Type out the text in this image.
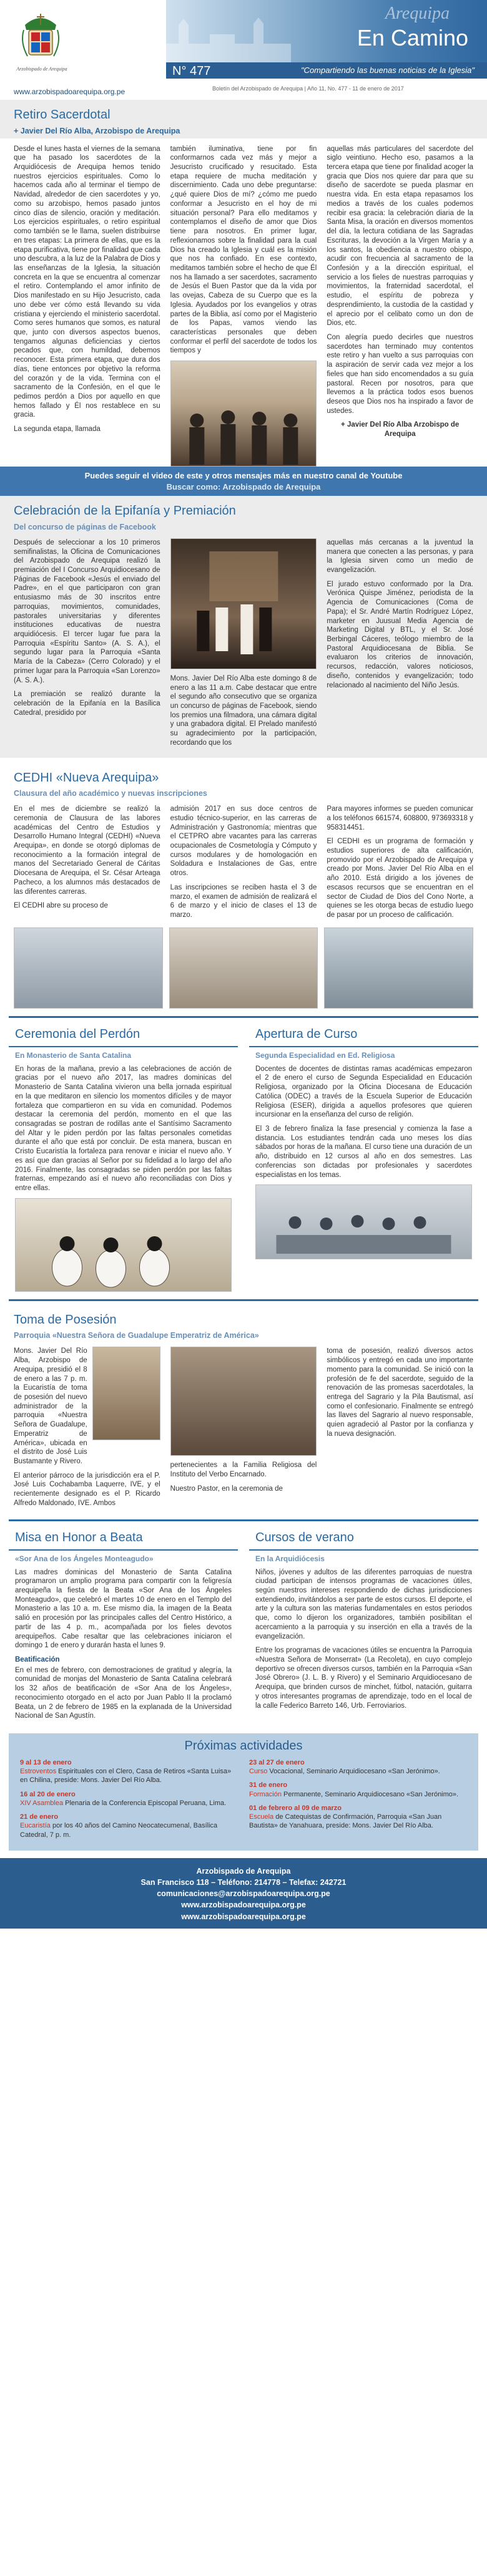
Arzobispado de Arequipa
www.arzobispadoarequipa.org.pe
Arequipa
En Camino
N° 477	"Compartiendo las buenas noticias de la Iglesia"
Boletín del Arzobispado de Arequipa | Año 11, No. 477 - 11 de enero de 2017
Retiro Sacerdotal
+ Javier Del Río Alba, Arzobispo de Arequipa

Desde el lunes hasta el viernes de la semana que ha pasado los sacerdotes de la Arquidiócesis de Arequipa hemos tenido nuestros ejercicios espirituales. Como lo hacemos cada año al terminar el tiempo de Navidad, alrededor de cien sacerdotes y yo, como su arzobispo, hemos pasado juntos cinco días de silencio, oración y meditación. Los ejercicios espirituales, o retiro espiritual como también se le llama, suelen distribuirse en tres etapas: La primera de ellas, que es la etapa purificativa, tiene por finalidad que cada uno descubra, a la luz de la Palabra de Dios y las enseñanzas de la Iglesia, la situación concreta en la que se encuentra al comenzar el retiro. Contemplando el amor infinito de Dios manifestado en su Hijo Jesucristo, cada uno debe ver cómo está llevando su vida cristiana y ejerciendo el ministerio sacerdotal. Como seres humanos que somos, es natural que, junto con diversos aspectos buenos, tengamos algunas deficiencias y ciertos pecados que, con humildad, debemos reconocer. Esta primera etapa, que dura dos días, tiene entonces por objetivo la reforma del corazón y de la vida. Termina con el sacramento de la Confesión, en el que le pedimos perdón a Dios por aquello en que hemos fallado y Él nos restablece en su gracia.

La segunda etapa, llamada

también iluminativa, tiene por fin conformarnos cada vez más y mejor a Jesucristo crucificado y resucitado. Esta etapa requiere de mucha meditación y discernimiento. Cada uno debe preguntarse: ¿qué quiere Dios de mí? ¿cómo me puedo conformar a Jesucristo en el hoy de mi situación personal? Para ello meditamos y contemplamos el diseño de amor que Dios tiene para nosotros. En primer lugar, reflexionamos sobre la finalidad para la cual Dios ha creado la Iglesia y cuál es la misión que nos ha confiado. En ese contexto, meditamos también sobre el hecho de que Él nos ha llamado a ser sacerdotes, sacramento de Jesús el Buen Pastor que da la vida por las ovejas, Cabeza de su Cuerpo que es la Iglesia. Ayudados por los evangelios y otras partes de la Biblia, así como por el Magisterio de los Papas, vamos viendo las características personales que deben conformar el perfil del sacerdote de todos los tiempos y

aquellas más particulares del sacerdote del siglo veintiuno. Hecho eso, pasamos a la tercera etapa que tiene por finalidad acoger la gracia que Dios nos quiere dar para que su diseño de sacerdote se pueda plasmar en nuestra vida. En esta etapa repasamos los medios a través de los cuales podemos recibir esa gracia: la celebración diaria de la Santa Misa, la oración en diversos momentos del día, la lectura cotidiana de las Sagradas Escrituras, la devoción a la Virgen María y a los santos, la obediencia a nuestro obispo, acudir con frecuencia al sacramento de la Confesión y a la dirección espiritual, el servicio a los fieles de nuestras parroquias y movimientos, la fraternidad sacerdotal, el estudio, el espíritu de pobreza y desprendimiento, la custodia de la castidad y el aprecio por el celibato como un don de Dios, etc.

Con alegría puedo decirles que nuestros sacerdotes han terminado muy contentos este retiro y han vuelto a sus parroquias con la aspiración de servir cada vez mejor a los fieles que han sido encomendados a su guía pastoral. Recen por nosotros, para que llevemos a la práctica todos esos buenos deseos que Dios nos ha inspirado a favor de ustedes.

+ Javier Del Río Alba Arzobispo de Arequipa

Puedes seguir el video de este y otros mensajes más en nuestro canal de Youtube
Buscar como: Arzobispado de Arequipa
Celebración de la Epifanía y Premiación
Del concurso de páginas de Facebook

Después de seleccionar a los 10 primeros semifinalistas, la Oficina de Comunicaciones del Arzobispado de Arequipa realizó la premiación del I Concurso Arquidiocesano de Páginas de Facebook «Jesús el enviado del Padre», en el que participaron con gran entusiasmo más de 30 inscritos entre parroquias, movimientos, comunidades, pastorales universitarias y diferentes instituciones educativas de nuestra arquidiócesis. El tercer lugar fue para la Parroquia «Espíritu Santo» (A. S. A.), el segundo lugar para la Parroquia «Santa María de la Cabeza» (Cerro Colorado) y el primer lugar para la Parroquia «San Lorenzo» (A. S. A.).

La premiación se realizó durante la celebración de la Epifanía en la Basílica Catedral, presidido por

Mons. Javier Del Río Alba este domingo 8 de enero a las 11 a.m. Cabe destacar que entre el segundo año consecutivo que se organiza un concurso de páginas de Facebook, siendo los premios una filmadora, una cámara digital y una grabadora digital. El Prelado manifestó su agradecimiento por la participación, recordando que los

aquellas más cercanas a la juventud la manera que conecten a las personas, y para la Iglesia sirven como un medio de evangelización.

El jurado estuvo conformado por la Dra. Verónica Quispe Jiménez, periodista de la Agencia de Comunicaciones (Coma de Papa); el Sr. André Martín Rodríguez López, marketer en Juusual Media Agencia de Marketing Digital y BTL, y el Sr. José Berbingal Cáceres, teólogo miembro de la Pastoral Arquidiocesana de Biblia. Se evaluaron los criterios de innovación, recursos, redacción, valores noticiosos, diseño, contenidos y evangelización; todo relacionado al nacimiento del Niño Jesús.

CEDHI «Nueva Arequipa»
Clausura del año académico y nuevas inscripciones

En el mes de diciembre se realizó la ceremonia de Clausura de las labores académicas del Centro de Estudios y Desarrollo Humano Integral (CEDHI) «Nueva Arequipa», en donde se otorgó diplomas de reconocimiento a la formación integral de manos del Secretariado General de Cáritas Diocesana de Arequipa, el Sr. César Arteaga Pacheco, a los alumnos más destacados de las diferentes carreras.

El CEDHI abre su proceso de

admisión 2017 en sus doce centros de estudio técnico-superior, en las carreras de Administración y Gastronomía; mientras que el CETPRO abre vacantes para las carreras ocupacionales de Cosmetología y Cómputo y cursos modulares y de homologación en Soldadura e Instalaciones de Gas, entre otros.

Las inscripciones se reciben hasta el 3 de marzo, el examen de admisión de realizará el 6 de marzo y el inicio de clases el 13 de marzo.

Para mayores informes se pueden comunicar a los teléfonos 661574, 608800, 973693318 y 958314451.

El CEDHI es un programa de formación y estudios superiores de alta calificación, promovido por el Arzobispado de Arequipa y creado por Mons. Javier Del Río Alba en el año 2010. Está dirigido a los jóvenes de escasos recursos que se encuentran en el sector de Ciudad de Dios del Cono Norte, a quienes se les otorga becas de estudio luego de pasar por un proceso de calificación.

Ceremonia del Perdón
En Monasterio de Santa Catalina

En horas de la mañana, previo a las celebraciones de acción de gracias por el nuevo año 2017, las madres dominicas del Monasterio de Santa Catalina vivieron una bella jornada espiritual en la que meditaron en silencio los momentos difíciles y de mayor fortaleza que compartieron en su vida en comunidad. Podemos destacar la ceremonia del perdón, momento en el que las consagradas se postran de rodillas ante el Santísimo Sacramento del Altar y le piden perdón por las faltas personales cometidas durante el año que está por concluir. De esta manera, buscan en Cristo Eucaristía la fortaleza para renovar e iniciar el nuevo año. Y es así que dan gracias al Señor por su fidelidad a lo largo del año 2016. Finalmente, las consagradas se piden perdón por las faltas fraternas, empezando así el nuevo año reconciliadas con Dios y entre ellas.

Apertura de Curso
Segunda Especialidad en Ed. Religiosa

Docentes de docentes de distintas ramas académicas empezaron el 2 de enero el curso de Segunda Especialidad en Educación Religiosa, organizado por la Oficina Diocesana de Educación Católica (ODEC) a través de la Escuela Superior de Educación Religiosa (ESER), dirigida a aquellos profesores que quieren incursionar en la enseñanza del curso de religión.

El 3 de febrero finaliza la fase presencial y comienza la fase a distancia. Los estudiantes tendrán cada uno meses los días sábados por horas de la mañana. El curso tiene una duración de un año, distribuido en 12 cursos al año en dos semestres. Las conferencias son dictadas por profesionales y sacerdotes especialistas en los temas.

Toma de Posesión
Parroquia «Nuestra Señora de Guadalupe Emperatriz de América»

Mons. Javier Del Río Alba, Arzobispo de Arequipa, presidió el 8 de enero a las 7 p. m. la Eucaristía de toma de posesión del nuevo administrador de la parroquia «Nuestra Señora de Guadalupe, Emperatriz de América», ubicada en el distrito de José Luis Bustamante y Rivero.

El anterior párroco de la jurisdicción era el P. José Luis Cochabamba Laquerre, IVE, y el recientemente designado es el P. Ricardo Alfredo Maldonado, IVE. Ambos

pertenecientes a la Familia Religiosa del Instituto del Verbo Encarnado.

Nuestro Pastor, en la ceremonia de

toma de posesión, realizó diversos actos simbólicos y entregó en cada uno importante momento para la comunidad. Se inició con la profesión de fe del sacerdote, seguido de la renovación de las promesas sacerdotales, la entrega del Sagrario y la Pila Bautismal, así como el confesionario. Finalmente se entregó las llaves del Sagrario al nuevo responsable, quien agradeció al Pastor por la confianza y la nueva designación.

Misa en Honor a Beata
«Sor Ana de los Ángeles Monteagudo»

Las madres dominicas del Monasterio de Santa Catalina programaron un amplio programa para compartir con la feligresía arequipeña la fiesta de la Beata «Sor Ana de los Ángeles Monteagudo», que celebró el martes 10 de enero en el Templo del Monasterio a las 10 a. m. Ese mismo día, la imagen de la Beata salió en procesión por las principales calles del Centro Histórico, a partir de las 4 p. m., acompañada por los fieles devotos arequipeños. Cabe resaltar que las celebraciones iniciaron el domingo 1 de enero y durarán hasta el lunes 9.

Beatificación

En el mes de febrero, con demostraciones de gratitud y alegría, la comunidad de monjas del Monasterio de Santa Catalina celebrará los 32 años de beatificación de «Sor Ana de los Ángeles», reconocimiento otorgado en el acto por Juan Pablo II la proclamó Beata, un 2 de febrero de 1985 en la explanada de la Universidad Nacional de San Agustín.

Cursos de verano
En la Arquidiócesis

Niños, jóvenes y adultos de las diferentes parroquias de nuestra ciudad participan de intensos programas de vacaciones útiles, según nuestros intereses respondiendo de dichas jurisdicciones extendiendo, invitándolos a ser parte de estos cursos. El deporte, el arte y la cultura son las materias fundamentales en estos periodos que, como lo dijeron los organizadores, también posibilitan el acercamiento a la parroquia y su inserción en ella a través de la evangelización.

Entre los programas de vacaciones útiles se encuentra la Parroquia «Nuestra Señora de Monserrat» (La Recoleta), en cuyo complejo deportivo se ofrecen diversos cursos, también en la Parroquia «San José Obrero» (J. L. B. y Rivero) y el Seminario Arquidiocesano de Arequipa, que brinden cursos de minchet, fútbol, natación, guitarra y otros interesantes programas de aprendizaje, todo en el local de la calle Federico Barreto 146, Urb. Ferroviarios.

Próximas actividades
9 al 13 de enero
Estroventos Espirituales con el Clero, Casa de Retiros «Santa Luisa» en Chilina, preside: Mons. Javier Del Río Alba.
16 al 20 de enero
XIV Asamblea Plenaria de la Conferencia Episcopal Peruana, Lima.
21 de enero
Eucaristía por los 40 años del Camino Neocatecumenal, Basílica Catedral, 7 p. m.
23 al 27 de enero
Curso Vocacional, Seminario Arquidiocesano «San Jerónimo».
31 de enero
Formación Permanente, Seminario Arquidiocesano «San Jerónimo».
01 de febrero al 09 de marzo
Escuela de Catequistas de Confirmación, Parroquia «San Juan Bautista» de Yanahuara, preside: Mons. Javier Del Río Alba.
Arzobispado de Arequipa
San Francisco 118 – Teléfono: 214778 – Telefax: 242721
comunicaciones@arzobispadoarequipa.org.pe
www.arzobispadoarequipa.org.pe
www.arzobispadoarequipa.org.pe
